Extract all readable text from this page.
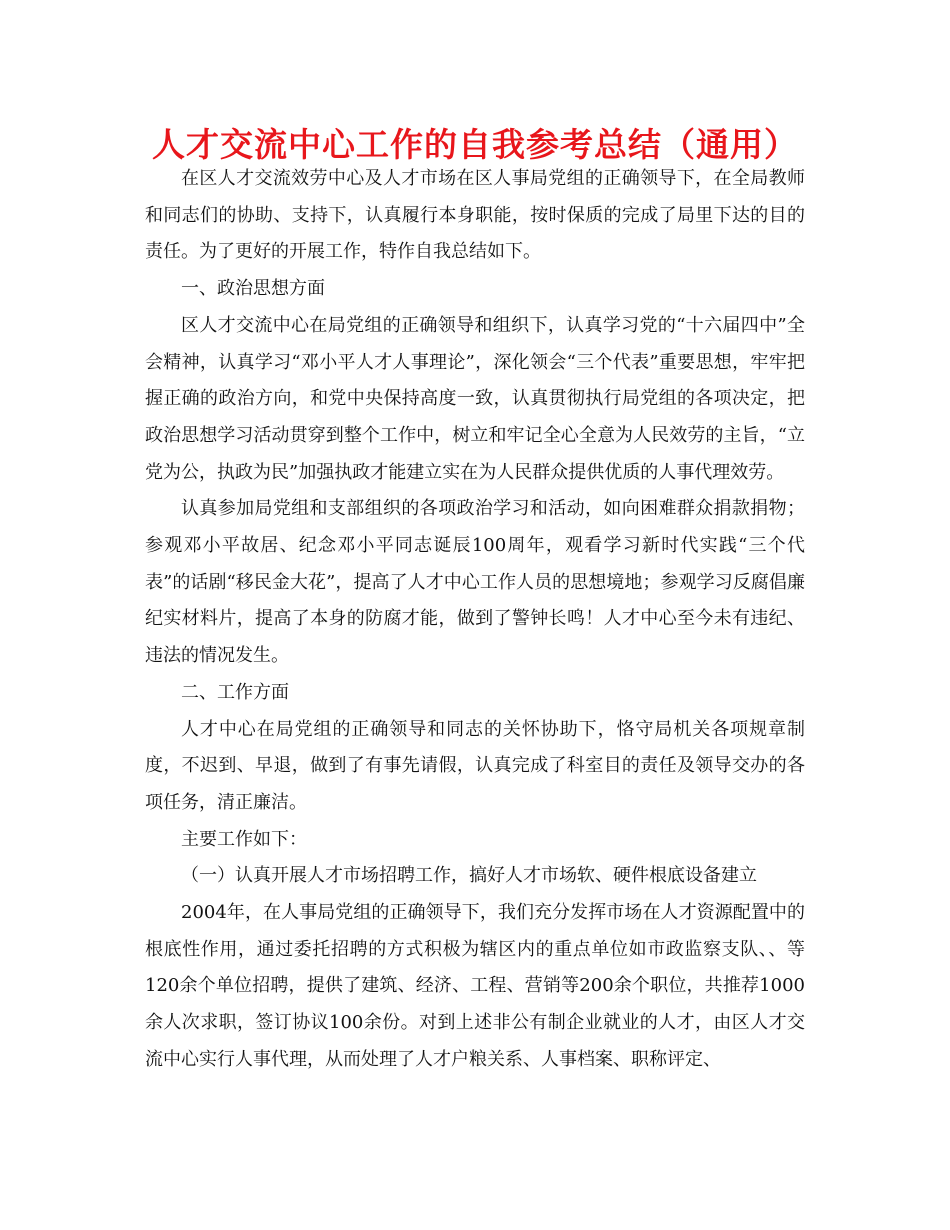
人才交流中心工作的自我参考总结（通用）

在区人才交流效劳中心及人才市场在区人事局党组的正确领导下，在全局教师和同志们的协助、支持下，认真履行本身职能，按时保质的完成了局里下达的目的责任。为了更好的开展工作，特作自我总结如下。

一、政治思想方面

区人才交流中心在局党组的正确领导和组织下，认真学习党的“十六届四中”全会精神，认真学习“邓小平人才人事理论”，深化领会“三个代表”重要思想，牢牢把握正确的政治方向，和党中央保持高度一致，认真贯彻执行局党组的各项决定，把政治思想学习活动贯穿到整个工作中，树立和牢记全心全意为人民效劳的主旨，“立党为公，执政为民”加强执政才能建立实在为人民群众提供优质的人事代理效劳。

认真参加局党组和支部组织的各项政治学习和活动，如向困难群众捐款捐物；参观邓小平故居、纪念邓小平同志诞辰100周年，观看学习新时代实践“三个代表”的话剧“移民金大花”，提高了人才中心工作人员的思想境地；参观学习反腐倡廉纪实材料片，提高了本身的防腐才能，做到了警钟长鸣！人才中心至今未有违纪、违法的情况发生。

二、工作方面

人才中心在局党组的正确领导和同志的关怀协助下，恪守局机关各项规章制度，不迟到、早退，做到了有事先请假，认真完成了科室目的责任及领导交办的各项任务，清正廉洁。

主要工作如下：

（一）认真开展人才市场招聘工作，搞好人才市场软、硬件根底设备建立

2004年，在人事局党组的正确领导下，我们充分发挥市场在人才资源配置中的根底性作用，通过委托招聘的方式积极为辖区内的重点单位如市政监察支队、、等120余个单位招聘，提供了建筑、经济、工程、营销等200余个职位，共推荐1000余人次求职，签订协议100余份。对到上述非公有制企业就业的人才，由区人才交流中心实行人事代理，从而处理了人才户粮关系、人事档案、职称评定、
